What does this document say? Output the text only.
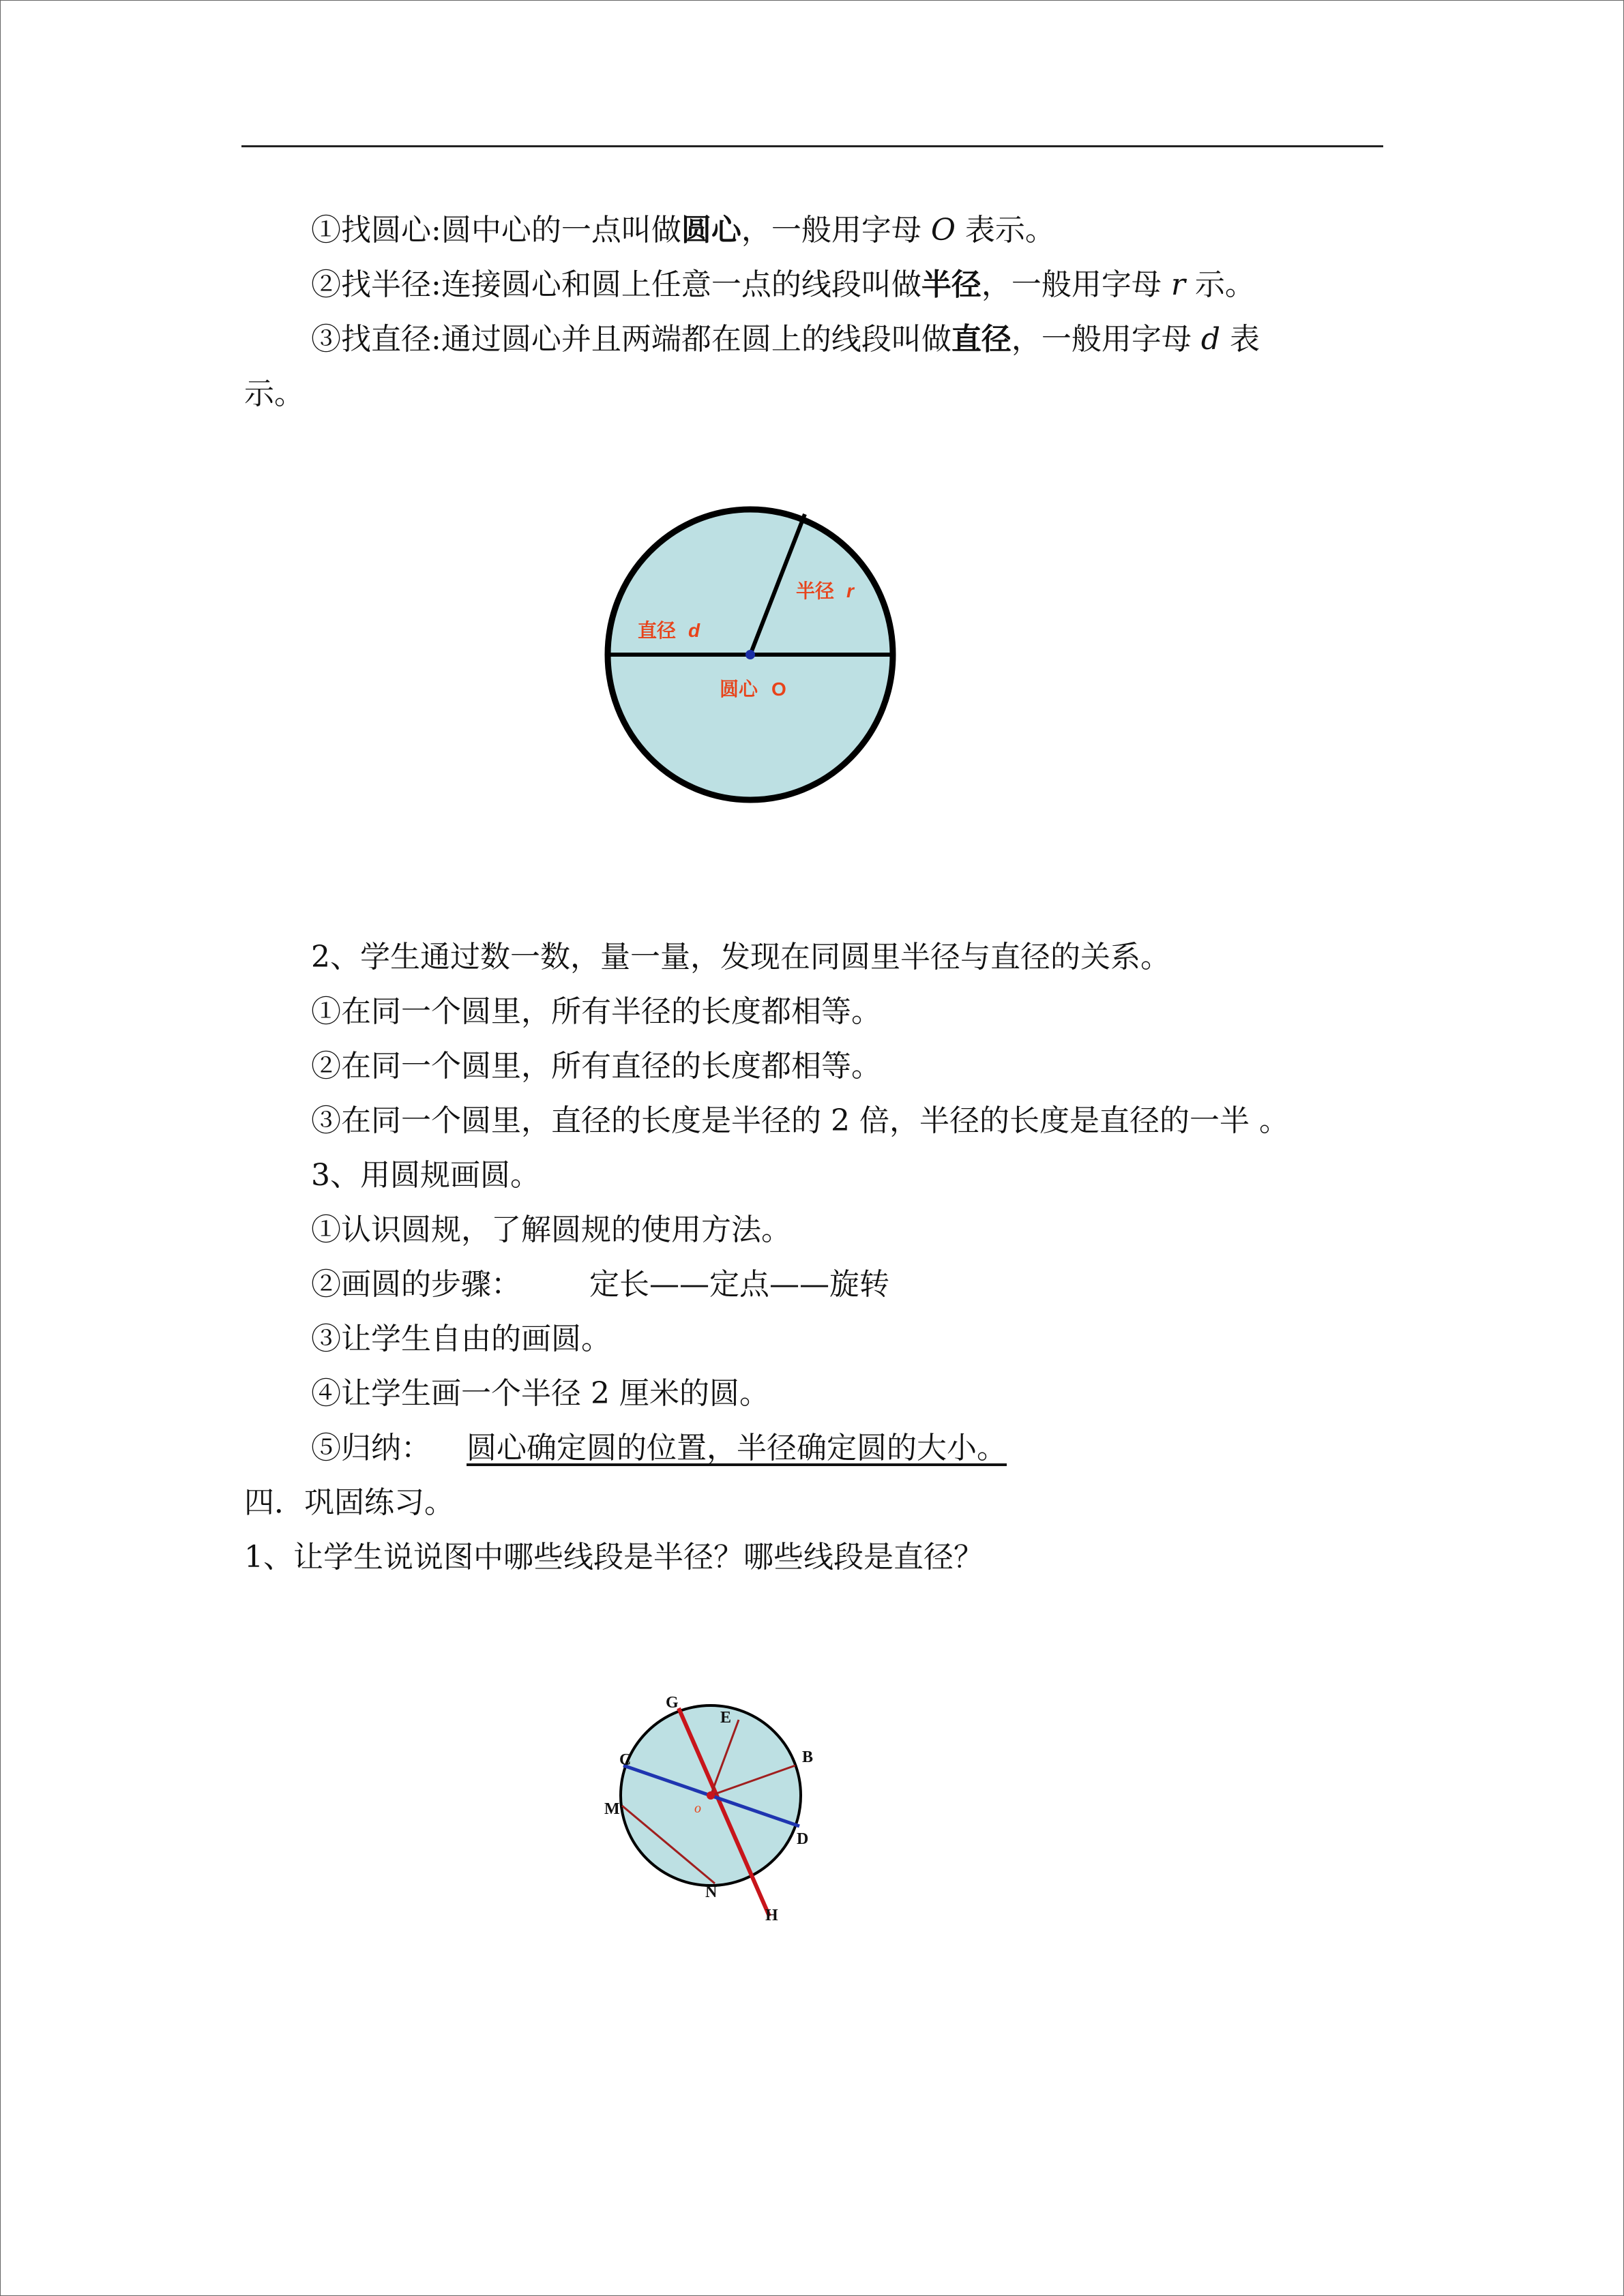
①找圆心:圆中心的一点叫做圆心，一般用字母 O 表示。
②找半径:连接圆心和圆上任意一点的线段叫做半径，一般用字母 r 示。
③找直径:通过圆心并且两端都在圆上的线段叫做直径，一般用字母 d 表
示。
半径 r
直径 d
圆心 O
2、学生通过数一数，量一量，发现在同圆里半径与直径的关系。
①在同一个圆里，所有半径的长度都相等。
②在同一个圆里，所有直径的长度都相等。
③在同一个圆里，直径的长度是半径的 2 倍，半径的长度是直径的一半 。
3、用圆规画圆。
①认识圆规，了解圆规的使用方法。
②画圆的步骤： 定长——定点——旋转
③让学生自由的画圆。
④让学生画一个半径 2 厘米的圆。
⑤归纳： 圆心确定圆的位置，半径确定圆的大小。
四．巩固练习。
1、让学生说说图中哪些线段是半径？哪些线段是直径？
G
E
B
C
M
D
N
H
o
